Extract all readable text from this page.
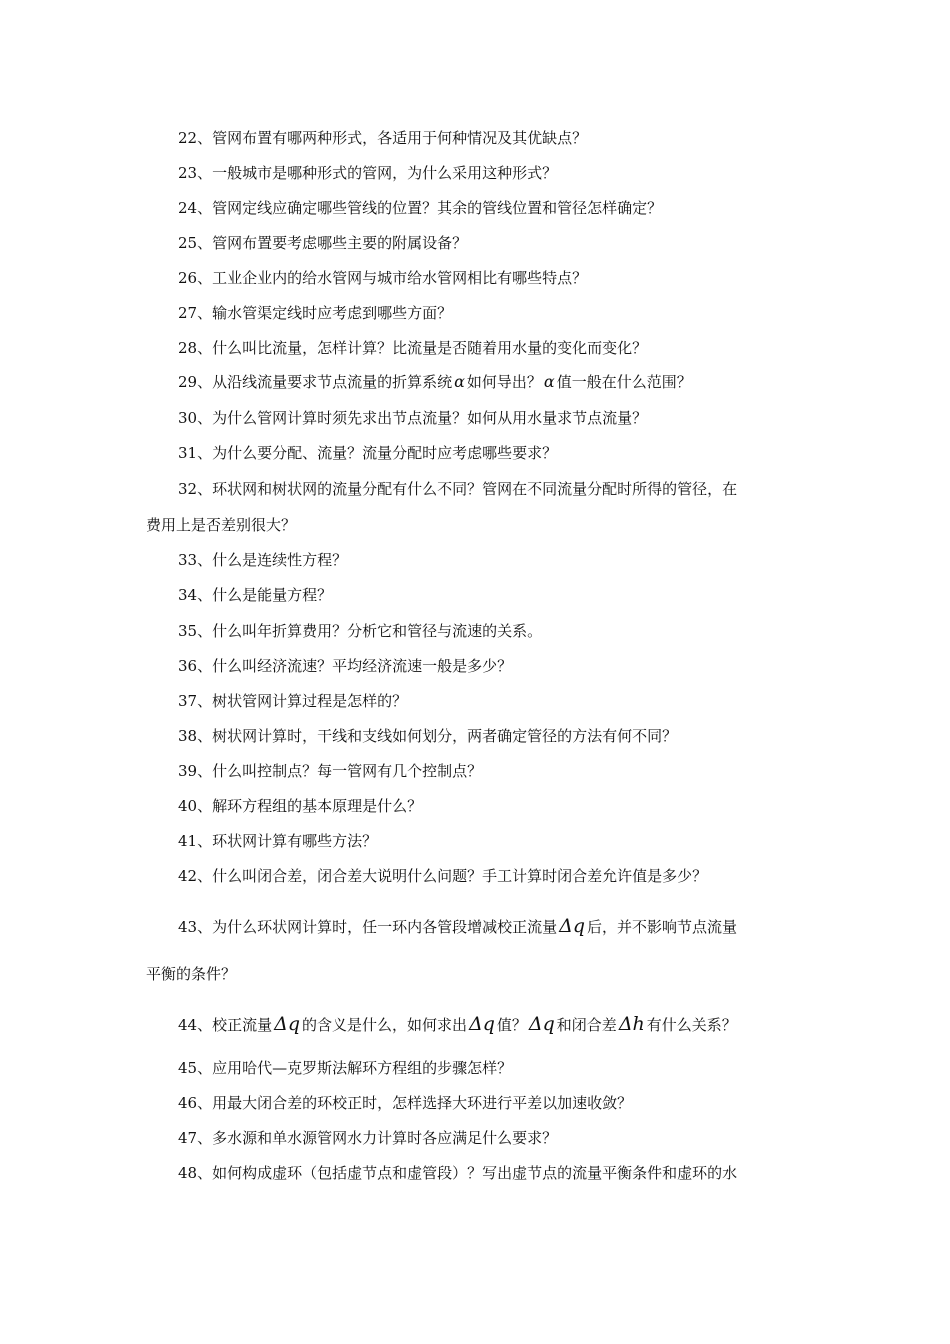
22、管网布置有哪两种形式，各适用于何种情况及其优缺点？
23、一般城市是哪种形式的管网，为什么采用这种形式？
24、管网定线应确定哪些管线的位置？其余的管线位置和管径怎样确定？
25、管网布置要考虑哪些主要的附属设备？
26、工业企业内的给水管网与城市给水管网相比有哪些特点？
27、输水管渠定线时应考虑到哪些方面？
28、什么叫比流量，怎样计算？比流量是否随着用水量的变化而变化？
29、从沿线流量要求节点流量的折算系统 α 如何导出？ α 值一般在什么范围？
30、为什么管网计算时须先求出节点流量？如何从用水量求节点流量？
31、为什么要分配、流量？流量分配时应考虑哪些要求？
32、环状网和树状网的流量分配有什么不同？管网在不同流量分配时所得的管径，在
费用上是否差别很大？
33、什么是连续性方程？
34、什么是能量方程？
35、什么叫年折算费用？分析它和管径与流速的关系。
36、什么叫经济流速？平均经济流速一般是多少？
37、树状管网计算过程是怎样的？
38、树状网计算时，干线和支线如何划分，两者确定管径的方法有何不同？
39、什么叫控制点？每一管网有几个控制点？
40、解环方程组的基本原理是什么？
41、环状网计算有哪些方法？
42、什么叫闭合差，闭合差大说明什么问题？手工计算时闭合差允许值是多少？
43、为什么环状网计算时，任一环内各管段增减校正流量 Δq 后，并不影响节点流量
平衡的条件？
44、校正流量 Δq 的含义是什么，如何求出 Δq 值？ Δq 和闭合差 Δh 有什么关系？
45、应用哈代—克罗斯法解环方程组的步骤怎样？
46、用最大闭合差的环校正时，怎样选择大环进行平差以加速收敛？
47、多水源和单水源管网水力计算时各应满足什么要求？
48、如何构成虚环（包括虚节点和虚管段）？写出虚节点的流量平衡条件和虚环的水
